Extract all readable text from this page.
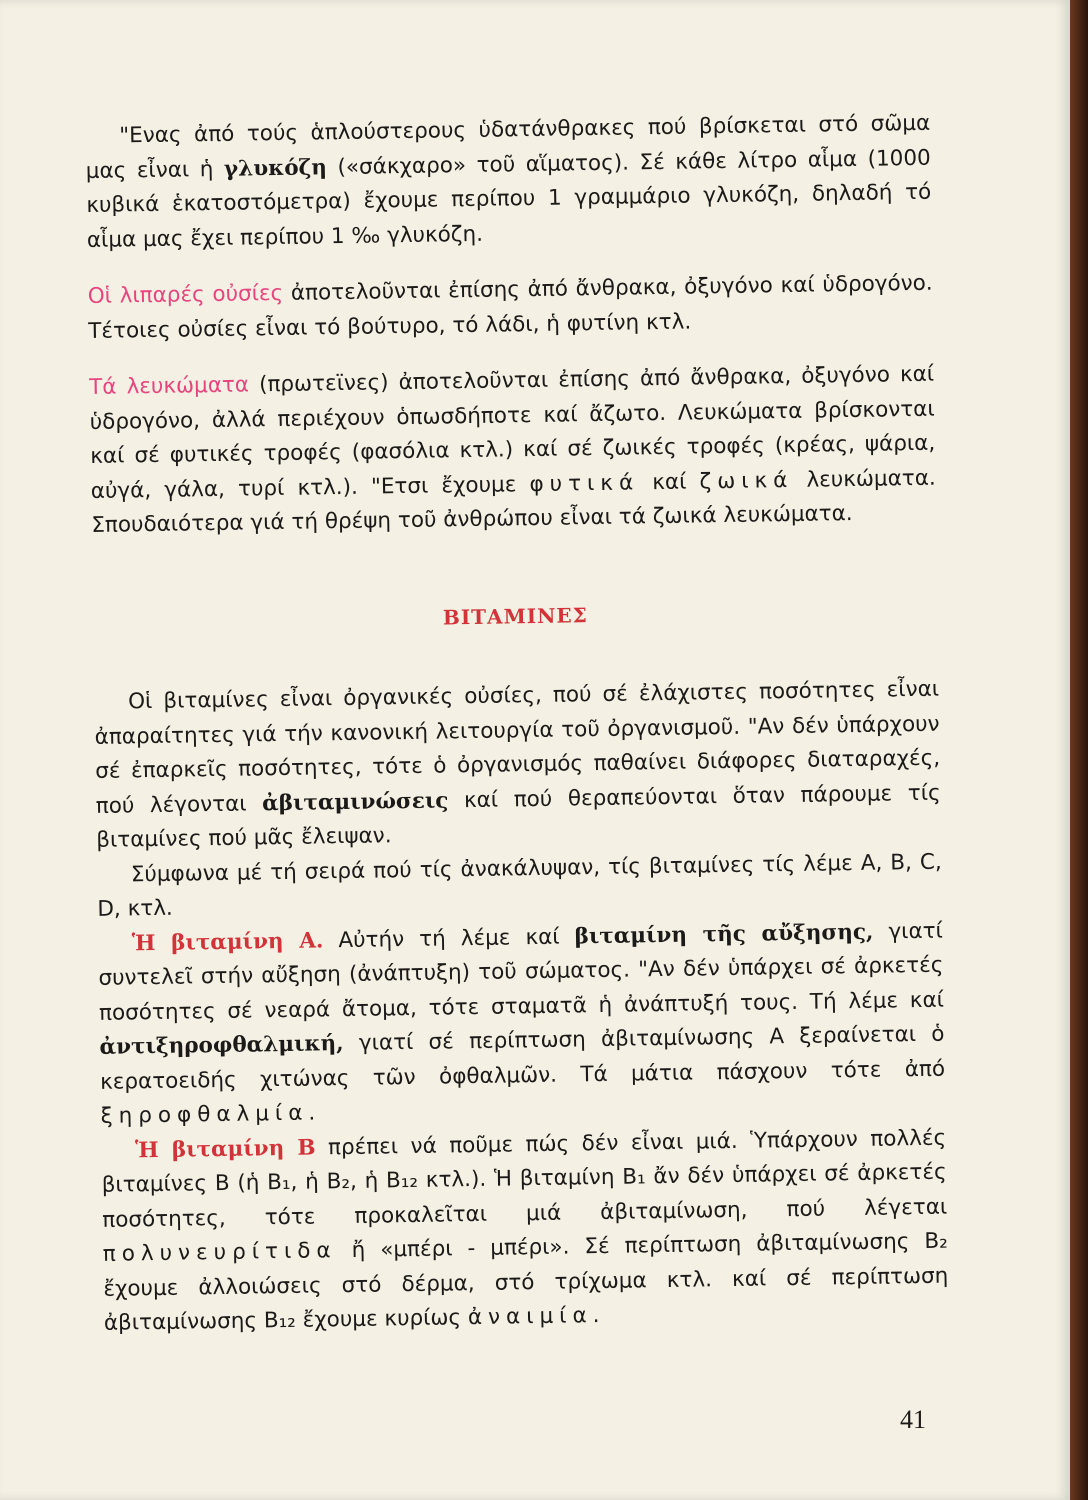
"Ενας ἀπό τούς ἁπλούστερους ὑδατάνθρακες πού βρίσκεται στό σῶμα μας εἶναι ἡ γλυκόζη («σάκχαρο» τοῦ αἵματος). Σέ κάθε λίτρο αἷμα (1000 κυβικά ἑκατοστόμετρα) ἔχουμε περίπου 1 γραμμάριο γλυκόζη, δηλαδή τό αἷμα μας ἔχει περίπου 1 ‰ γλυκόζη.

Οἱ λιπαρές οὐσίες ἀποτελοῦνται ἐπίσης ἀπό ἄνθρακα, ὀξυγόνο καί ὑδρογόνο. Τέτοιες οὐσίες εἶναι τό βούτυρο, τό λάδι, ἡ φυτίνη κτλ.

Τά λευκώματα (πρωτεϊνες) ἀποτελοῦνται ἐπίσης ἀπό ἄνθρακα, ὀξυγόνο καί ὑδρογόνο, ἀλλά περιέχουν ὁπωσδήποτε καί ἄζωτο. Λευκώματα βρίσκονται καί σέ φυτικές τροφές (φασόλια κτλ.) καί σέ ζωικές τροφές (κρέας, ψάρια, αὐγά, γάλα, τυρί κτλ.). "Ετσι ἔχουμε φυτικά καί ζωικά λευκώματα. Σπουδαιότερα γιά τή θρέψη τοῦ ἀνθρώπου εἶναι τά ζωικά λευκώματα.

ΒΙΤΑΜΙΝΕΣ

Οἱ βιταμίνες εἶναι ὀργανικές οὐσίες, πού σέ ἐλάχιστες ποσότητες εἶναι ἀπαραίτητες γιά τήν κανονική λειτουργία τοῦ ὀργανισμοῦ. "Αν δέν ὑπάρχουν σέ ἐπαρκεῖς ποσότητες, τότε ὁ ὀργανισμός παθαίνει διάφορες διαταραχές, πού λέγονται ἀβιταμινώσεις καί πού θεραπεύονται ὅταν πάρουμε τίς βιταμίνες πού μᾶς ἔλειψαν.

Σύμφωνα μέ τή σειρά πού τίς ἀνακάλυψαν, τίς βιταμίνες τίς λέμε A, B, C, D, κτλ.

Ἡ βιταμίνη A. Αὐτήν τή λέμε καί βιταμίνη τῆς αὔξησης, γιατί συντελεῖ στήν αὔξηση (ἀνάπτυξη) τοῦ σώματος. "Αν δέν ὑπάρχει σέ ἀρκετές ποσότητες σέ νεαρά ἄτομα, τότε σταματᾶ ἡ ἀνάπτυξή τους. Τή λέμε καί ἀντιξηροφθαλμική, γιατί σέ περίπτωση ἀβιταμίνωσης A ξεραίνεται ὁ κερατοειδής χιτώνας τῶν ὀφθαλμῶν. Τά μάτια πάσχουν τότε ἀπό ξηροφθαλμία.

Ἡ βιταμίνη B πρέπει νά ποῦμε πώς δέν εἶναι μιά. Ὑπάρχουν πολλές βιταμίνες B (ἡ B₁, ἡ B₂, ἡ B₁₂ κτλ.). Ἡ βιταμίνη B₁ ἄν δέν ὑπάρχει σέ ἀρκετές ποσότητες, τότε προκαλεῖται μιά ἀβιταμίνωση, πού λέγεται πολυνευρίτιδα ἤ «μπέρι - μπέρι». Σέ περίπτωση ἀβιταμίνωσης B₂ ἔχουμε ἀλλοιώσεις στό δέρμα, στό τρίχωμα κτλ. καί σέ περίπτωση ἀβιταμίνωσης B₁₂ ἔχουμε κυρίως ἀναιμία.

41
